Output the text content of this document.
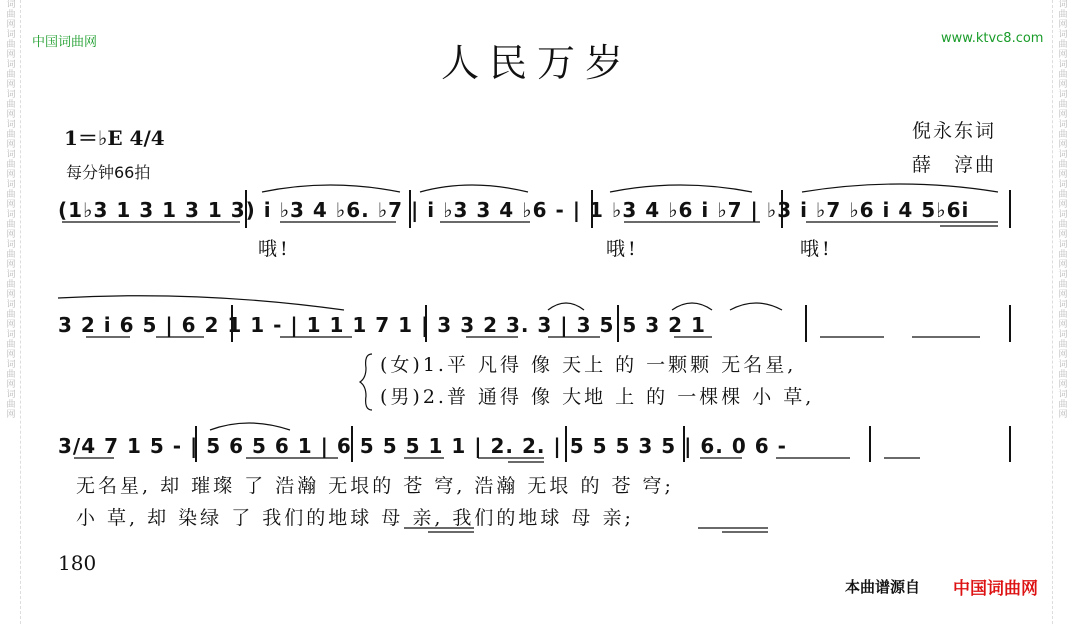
词曲网词曲网词曲网词曲网词曲网词曲网词曲网词曲网词曲网词曲网词曲网词曲网词曲网词曲网
词曲网词曲网词曲网词曲网词曲网词曲网词曲网词曲网词曲网词曲网词曲网词曲网词曲网词曲网
中国词曲网	www.ktvc8.com
人民万岁
1＝♭E 4/4
每分钟66拍
倪永东词
薛　淳曲
(1♭3 1 3 1 3 1 3) i ♭3 4 ♭6. ♭7 | i ♭3 3 4 ♭6 - | 1 ♭3 4 ♭6 i ♭7 | ♭3 i ♭7 ♭6 i 4 5♭6i
哦!	哦!	哦!
3 2 i 6 5 | 6 2 1 1 - | 1 1 1 7 1 | 3 3 2 3. 3 | 3 5 5 3 2 1
(女)1.平 凡得 像 天上 的 一颗颗 无名星,
(男)2.普 通得 像 大地 上 的 一棵棵 小 草,
3/4 7 1 5 - | 5 6 5 6 1 | 6 5 5 5 1 1 | 2. 2. | 5 5 5 3 5 | 6. 0 6 -
无名星, 却 璀璨 了 浩瀚 无垠的 苍 穹, 浩瀚 无垠 的 苍 穹;
小 草, 却 染绿 了 我们的地球 母 亲, 我们的地球 母 亲;
180
本曲谱源自 中国词曲网
